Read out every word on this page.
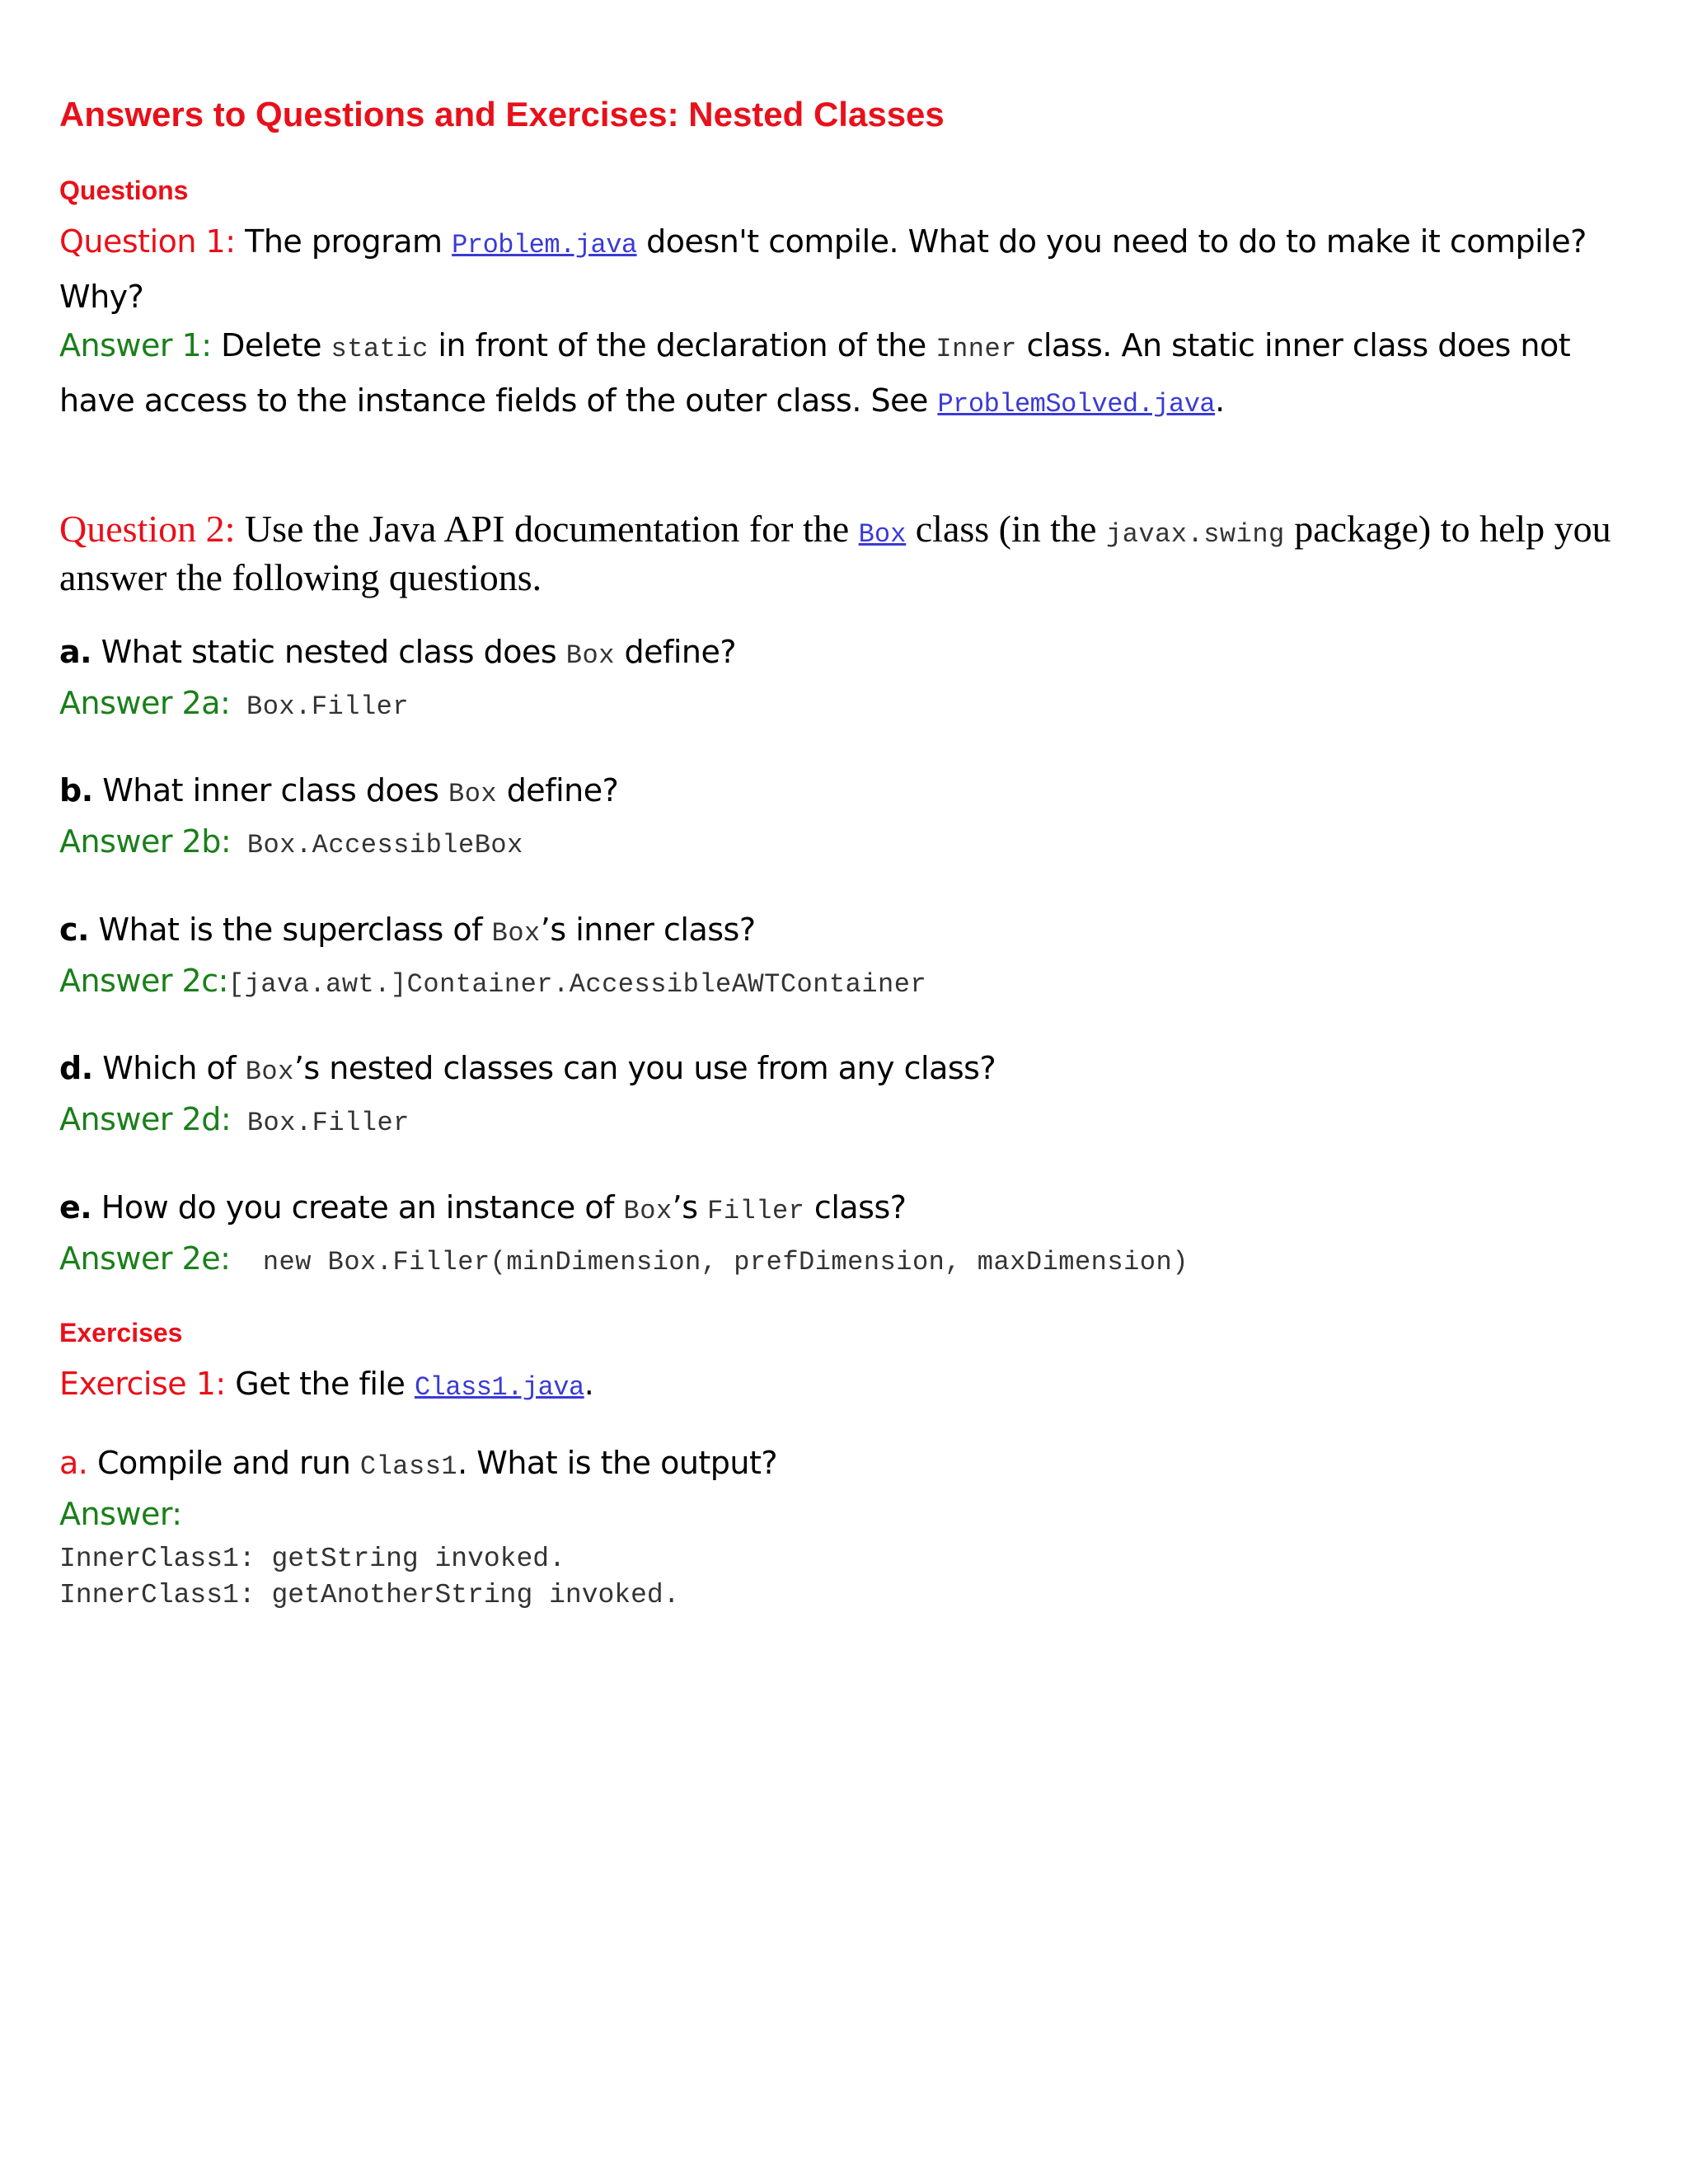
Answers to Questions and Exercises: Nested Classes
Questions
Question 1: The program Problem.java doesn't compile. What do you need to do to make it compile? Why?
Answer 1: Delete static in front of the declaration of the Inner class. An static inner class does not have access to the instance fields of the outer class. See ProblemSolved.java.
Question 2: Use the Java API documentation for the Box class (in the javax.swing package) to help you answer the following questions.
a. What static nested class does Box define?
Answer 2a: Box.Filler
b. What inner class does Box define?
Answer 2b: Box.AccessibleBox
c. What is the superclass of Box’s inner class?
Answer 2c:[java.awt.]Container.AccessibleAWTContainer
d. Which of Box’s nested classes can you use from any class?
Answer 2d: Box.Filler
e. How do you create an instance of Box’s Filler class?
Answer 2e:  new Box.Filler(minDimension, prefDimension, maxDimension)
Exercises
Exercise 1: Get the file Class1.java.
a. Compile and run Class1. What is the output?
Answer:
InnerClass1: getString invoked.
InnerClass1: getAnotherString invoked.
